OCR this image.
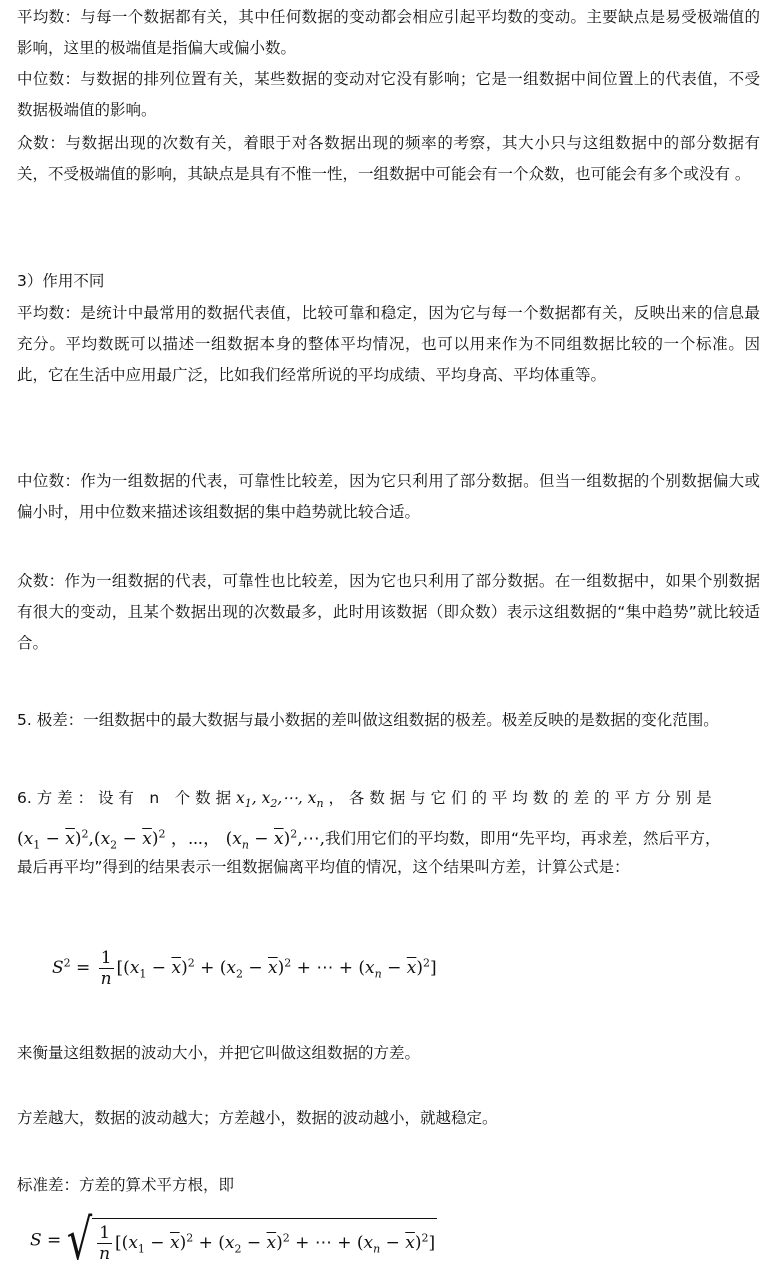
平均数：与每一个数据都有关，其中任何数据的变动都会相应引起平均数的变动。主要缺点是易受极端值的影响，这里的极端值是指偏大或偏小数。
中位数：与数据的排列位置有关，某些数据的变动对它没有影响；它是一组数据中间位置上的代表值，不受数据极端值的影响。
众数：与数据出现的次数有关，着眼于对各数据出现的频率的考察，其大小只与这组数据中的部分数据有关，不受极端值的影响，其缺点是具有不惟一性，一组数据中可能会有一个众数，也可能会有多个或没有 。
3）作用不同
平均数：是统计中最常用的数据代表值，比较可靠和稳定，因为它与每一个数据都有关，反映出来的信息最充分。平均数既可以描述一组数据本身的整体平均情况，也可以用来作为不同组数据比较的一个标准。因此，它在生活中应用最广泛，比如我们经常所说的平均成绩、平均身高、平均体重等。
中位数：作为一组数据的代表，可靠性比较差，因为它只利用了部分数据。但当一组数据的个别数据偏大或偏小时，用中位数来描述该组数据的集中趋势就比较合适。
众数：作为一组数据的代表，可靠性也比较差，因为它也只利用了部分数据。在一组数据中，如果个别数据有很大的变动，且某个数据出现的次数最多，此时用该数据（即众数）表示这组数据的“集中趋势”就比较适合。
5. 极差：一组数据中的最大数据与最小数据的差叫做这组数据的极差。极差反映的是数据的变化范围。
6. 方 差 ： 设 有　n　个 数 据 $x_1$, $x_2,\cdots$, $x_n$ ， 各 数 据 与 它 们 的 平 均 数 的 差 的 平 方 分 别 是
$(x_1 - \overline{x})^2,(x_2 - \overline{x})^2$ ，⋯， ($x_n$ − $\overline{x})^2,\cdots$,我们用它们的平均数，即用“先平均，再求差，然后平方，
最后再平均”得到的结果表示一组数据偏离平均值的情况，这个结果叫方差，计算公式是：
$S^2 = \frac{1}{n} [(x_1 - \overline{x})^2 + (x_2 - \overline{x})^2$ + ⋯ + $(x_n - \overline{x})^2$]
来衡量这组数据的波动大小，并把它叫做这组数据的方差。
方差越大，数据的波动越大；方差越小，数据的波动越小，就越稳定。
标准差：方差的算术平方根，即
S = √ $\frac{1}{n} [(x_1 - \overline{x})^2 + (x_2 - \overline{x})^2$ + ⋯ + $(x_n - \overline{x})^2$]
